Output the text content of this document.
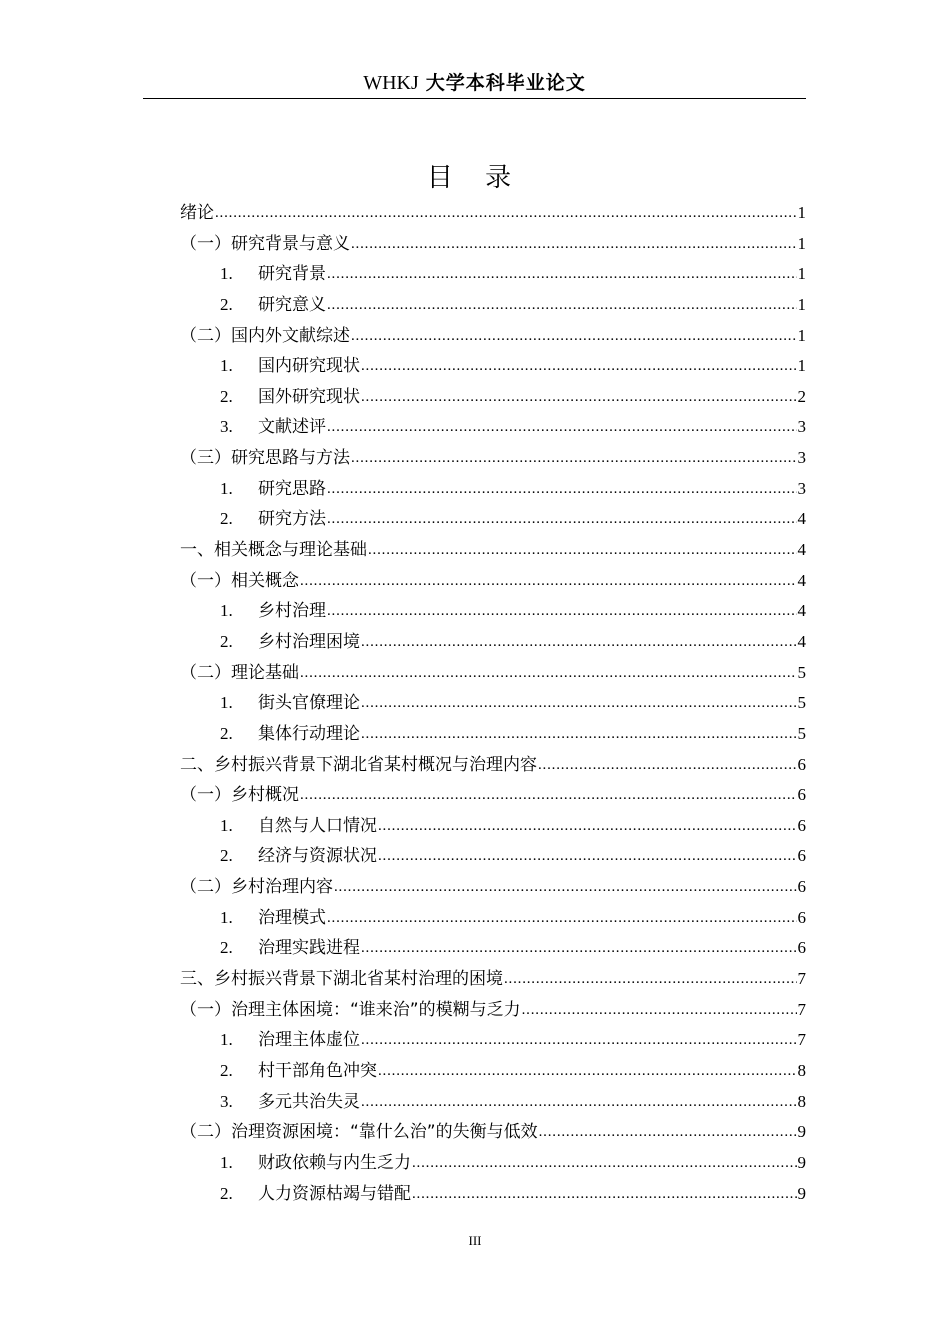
WHKJ 大学本科毕业论文
目 录
绪论 .....	1
（一）研究背景与意义 .....	1
1.	研究背景 .....	1
2.	研究意义 .....	1
（二）国内外文献综述 .....	1
1.	国内研究现状 .....	1
2.	国外研究现状 .....	2
3.	文献述评 .....	3
（三）研究思路与方法 .....	3
1.	研究思路 .....	3
2.	研究方法 .....	4
一、相关概念与理论基础 .....	4
（一）相关概念 .....	4
1.	乡村治理 .....	4
2.	乡村治理困境 .....	4
（二）理论基础 .....	5
1.	街头官僚理论 .....	5
2.	集体行动理论 .....	5
二、乡村振兴背景下湖北省某村概况与治理内容 .....	6
（一）乡村概况 .....	6
1.	自然与人口情况 .....	6
2.	经济与资源状况 .....	6
（二）乡村治理内容 .....	6
1.	治理模式 .....	6
2.	治理实践进程 .....	6
三、乡村振兴背景下湖北省某村治理的困境 .....	7
（一）治理主体困境：“谁来治”的模糊与乏力 .....	7
1.	治理主体虚位 .....	7
2.	村干部角色冲突 .....	8
3.	多元共治失灵 .....	8
（二）治理资源困境：“靠什么治”的失衡与低效 .....	9
1.	财政依赖与内生乏力 .....	9
2.	人力资源枯竭与错配 .....	9
III
